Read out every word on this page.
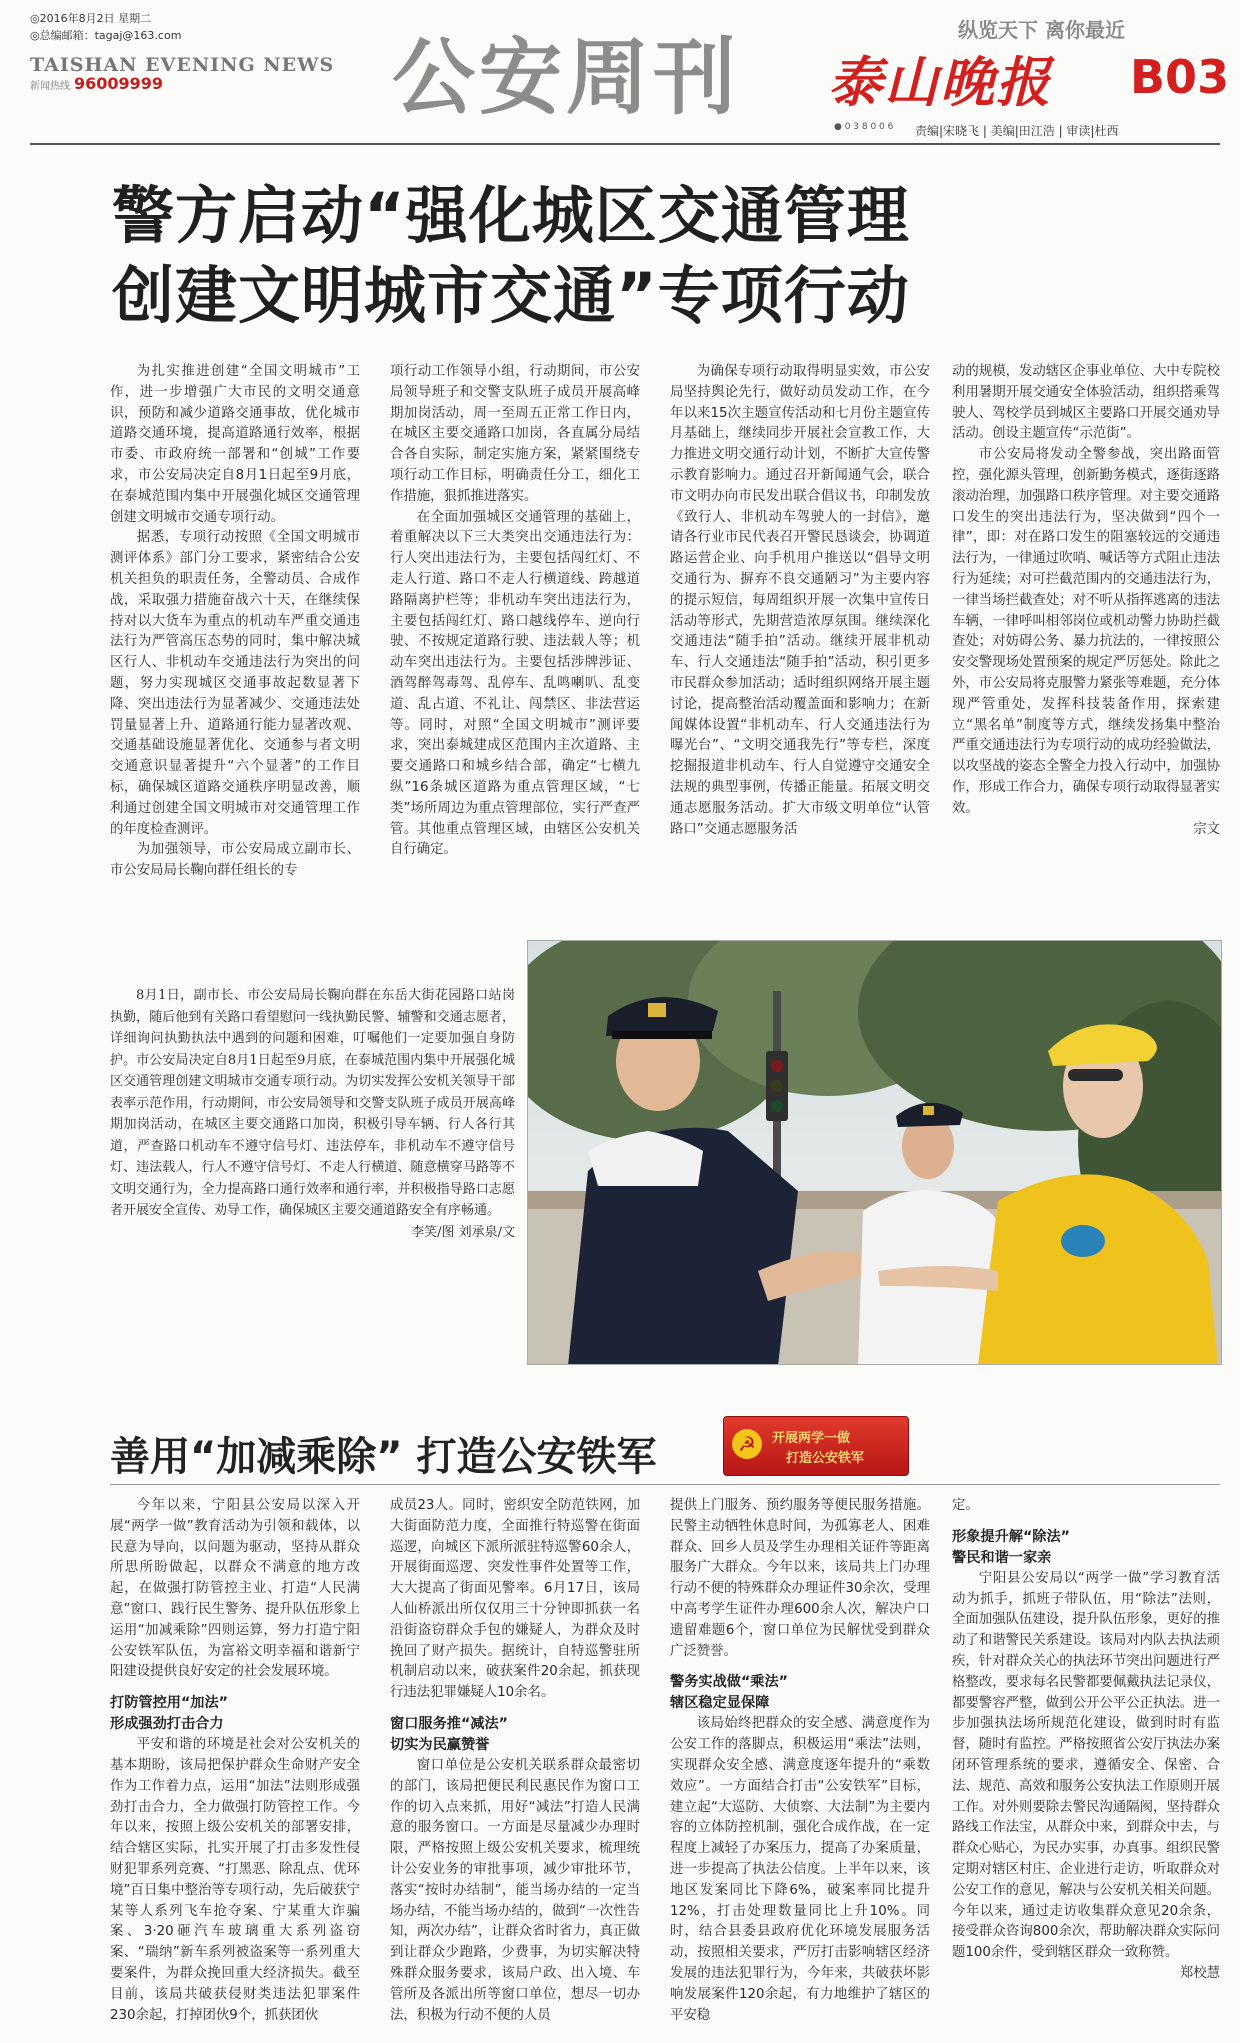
◎2016年8月2日 星期二
◎总编邮箱：tagaj@163.com
TAISHAN EVENING NEWS
新闻热线 96009999	公安周刊	纵览天下 离你最近
泰山晚报
● 0 3 8 0 0 6
B03
责编|宋晓飞 | 美编|田江浩 | 审读|杜西
警方启动“强化城区交通管理
创建文明城市交通”专项行动

为扎实推进创建“全国文明城市”工作，进一步增强广大市民的文明交通意识，预防和减少道路交通事故，优化城市道路交通环境，提高道路通行效率，根据市委、市政府统一部署和“创城”工作要求，市公安局决定自8月1日起至9月底，在泰城范围内集中开展强化城区交通管理创建文明城市交通专项行动。

据悉，专项行动按照《全国文明城市测评体系》部门分工要求，紧密结合公安机关担负的职责任务，全警动员、合成作战，采取强力措施奋战六十天，在继续保持对以大货车为重点的机动车严重交通违法行为严管高压态势的同时，集中解决城区行人、非机动车交通违法行为突出的问题，努力实现城区交通事故起数显著下降、突出违法行为显著减少、交通违法处罚量显著上升、道路通行能力显著改观、交通基础设施显著优化、交通参与者文明交通意识显著提升“六个显著”的工作目标，确保城区道路交通秩序明显改善，顺利通过创建全国文明城市对交通管理工作的年度检查测评。

为加强领导，市公安局成立副市长、市公安局局长鞠向群任组长的专

项行动工作领导小组，行动期间，市公安局领导班子和交警支队班子成员开展高峰期加岗活动，周一至周五正常工作日内，在城区主要交通路口加岗，各直属分局结合各自实际，制定实施方案，紧紧围绕专项行动工作目标，明确责任分工，细化工作措施，狠抓推进落实。

在全面加强城区交通管理的基础上，着重解决以下三大类突出交通违法行为：行人突出违法行为，主要包括闯红灯、不走人行道、路口不走人行横道线、跨越道路隔离护栏等；非机动车突出违法行为，主要包括闯红灯、路口越线停车、逆向行驶、不按规定道路行驶、违法载人等；机动车突出违法行为。主要包括涉牌涉证、酒驾醉驾毒驾、乱停车、乱鸣喇叭、乱变道、乱占道、不礼让、闯禁区、非法营运等。同时，对照“全国文明城市”测评要求，突出泰城建成区范围内主次道路、主要交通路口和城乡结合部，确定“七横九纵”16条城区道路为重点管理区域，“七类”场所周边为重点管理部位，实行严查严管。其他重点管理区域，由辖区公安机关自行确定。

为确保专项行动取得明显实效，市公安局坚持舆论先行，做好动员发动工作，在今年以来15次主题宣传活动和七月份主题宣传月基础上，继续同步开展社会宣教工作，大力推进文明交通行动计划，不断扩大宣传警示教育影响力。通过召开新闻通气会，联合市文明办向市民发出联合倡议书，印制发放《致行人、非机动车驾驶人的一封信》，邀请各行业市民代表召开警民恳谈会，协调道路运营企业、向手机用户推送以“倡导文明交通行为、摒弃不良交通陋习”为主要内容的提示短信，每周组织开展一次集中宣传日活动等形式，先期营造浓厚氛围。继续深化交通违法“随手拍”活动。继续开展非机动车、行人交通违法“随手拍”活动，积引更多市民群众参加活动；适时组织网络开展主题讨论，提高整治活动覆盖面和影响力；在新闻媒体设置“非机动车、行人交通违法行为曝光台”、“文明交通我先行”等专栏，深度挖掘报道非机动车、行人自觉遵守交通安全法规的典型事例，传播正能量。拓展文明交通志愿服务活动。扩大市级文明单位“认管路口”交通志愿服务活

动的规模，发动辖区企事业单位、大中专院校利用暑期开展交通安全体验活动，组织搭乘驾驶人、驾校学员到城区主要路口开展交通劝导活动。创设主题宣传“示范街”。

市公安局将发动全警参战，突出路面管控，强化源头管理，创新勤务模式，逐街逐路滚动治理，加强路口秩序管理。对主要交通路口发生的突出违法行为，坚决做到“四个一律”，即：对在路口发生的阻塞较远的交通违法行为，一律通过吹哨、喊话等方式阻止违法行为延续；对可拦截范围内的交通违法行为，一律当场拦截查处；对不听从指挥逃离的违法车辆，一律呼叫相邻岗位或机动警力协助拦截查处；对妨碍公务、暴力抗法的，一律按照公安交警现场处置预案的规定严厉惩处。除此之外，市公安局将克服警力紧张等难题，充分体现严管重处，发挥科技装备作用，探索建立“黑名单”制度等方式，继续发扬集中整治严重交通违法行为专项行动的成功经验做法，以攻坚战的姿态全警全力投入行动中，加强协作，形成工作合力，确保专项行动取得显著实效。

宗文

8月1日，副市长、市公安局局长鞠向群在东岳大街花园路口站岗执勤，随后他到有关路口看望慰问一线执勤民警、辅警和交通志愿者，详细询问执勤执法中遇到的问题和困难，叮嘱他们一定要加强自身防护。市公安局决定自8月1日起至9月底，在泰城范围内集中开展强化城区交通管理创建文明城市交通专项行动。为切实发挥公安机关领导干部表率示范作用，行动期间，市公安局领导和交警支队班子成员开展高峰期加岗活动，在城区主要交通路口加岗，积极引导车辆、行人各行其道，严查路口机动车不遵守信号灯、违法停车，非机动车不遵守信号灯、违法载人，行人不遵守信号灯、不走人行横道、随意横穿马路等不文明交通行为，全力提高路口通行效率和通行率，并积极指导路口志愿者开展安全宣传、劝导工作，确保城区主要交通道路安全有序畅通。

李笑/图 刘承泉/文

善用“加减乘除” 打造公安铁军	☭	开展两学一做
打造公安铁军

今年以来，宁阳县公安局以深入开展“两学一做”教育活动为引领和载体，以民意为导向，以问题为驱动，坚持从群众所思所盼做起，以群众不满意的地方改起，在做强打防管控主业、打造“人民满意”窗口、践行民生警务、提升队伍形象上运用“加减乘除”四则运算，努力打造宁阳公安铁军队伍，为富裕文明幸福和谐新宁阳建设提供良好安定的社会发展环境。

打防管控用“加法”

形成强劲打击合力

平安和谐的环境是社会对公安机关的基本期盼，该局把保护群众生命财产安全作为工作着力点，运用“加法”法则形成强劲打击合力，全力做强打防管控工作。今年以来，按照上级公安机关的部署安排，结合辖区实际，扎实开展了打击多发性侵财犯罪系列竞赛、“打黑恶、除乱点、优环境”百日集中整治等专项行动，先后破获宁某等人系列飞车抢夺案、宁某重大诈骗案、3·20砸汽车玻璃重大系列盗窃案、“瑞纳”新车系列被盗案等一系列重大要案件，为群众挽回重大经济损失。截至目前，该局共破获侵财类违法犯罪案件230余起，打掉团伙9个，抓获团伙

成员23人。同时，密织安全防范铁网，加大街面防范力度，全面推行特巡警在街面巡逻，向城区下派所派驻特巡警60余人，开展街面巡逻、突发性事件处置等工作，大大提高了街面见警率。6月17日，该局人仙桥派出所仅仅用三十分钟即抓获一名沿街盗窃群众手包的嫌疑人，为群众及时挽回了财产损失。据统计，自特巡警驻所机制启动以来，破获案件20余起，抓获现行违法犯罪嫌疑人10余名。

窗口服务推“减法”

切实为民赢赞誉

窗口单位是公安机关联系群众最密切的部门，该局把便民利民惠民作为窗口工作的切入点来抓，用好“减法”打造人民满意的服务窗口。一方面是尽量减少办理时限，严格按照上级公安机关要求，梳理统计公安业务的审批事项，减少审批环节，落实“按时办结制”，能当场办结的一定当场办结，不能当场办结的，做到“一次性告知，两次办结”，让群众省时省力，真正做到让群众少跑路，少费事，为切实解决特殊群众服务要求，该局户政、出入境、车管所及各派出所等窗口单位，想尽一切办法，积极为行动不便的人员

提供上门服务、预约服务等便民服务措施。民警主动牺牲休息时间，为孤寡老人、困难群众、回乡人员及学生办理相关证件等距离服务广大群众。今年以来，该局共上门办理行动不便的特殊群众办理证件30余次，受理中高考学生证件办理600余人次，解决户口遗留难题6个，窗口单位为民解忧受到群众广泛赞誉。

警务实战做“乘法”

辖区稳定显保障

该局始终把群众的安全感、满意度作为公安工作的落脚点，积极运用“乘法”法则，实现群众安全感、满意度逐年提升的“乘数效应”。一方面结合打击“公安铁军”目标，建立起“大巡防、大侦察、大法制”为主要内容的立体防控机制，强化合成作战，在一定程度上减轻了办案压力，提高了办案质量，进一步提高了执法公信度。上半年以来，该地区发案同比下降6%，破案率同比提升12%，打击处理数量同比上升10%。同时，结合县委县政府优化环境发展服务活动，按照相关要求，严厉打击影响辖区经济发展的违法犯罪行为，今年来，共破获坏影响发展案件120余起，有力地维护了辖区的平安稳

定。

形象提升解“除法”

警民和谐一家亲

宁阳县公安局以“两学一做”学习教育活动为抓手，抓班子带队伍，用“除法”法则，全面加强队伍建设，提升队伍形象，更好的推动了和谐警民关系建设。该局对内队去执法顽疾，针对群众关心的执法环节突出问题进行严格整改，要求每名民警都要佩戴执法记录仪，都要警容严整，做到公开公平公正执法。进一步加强执法场所规范化建设，做到时时有监督，随时有监控。严格按照省公安厅执法办案闭环管理系统的要求，遵循安全、保密、合法、规范、高效和服务公安执法工作原则开展工作。对外则要除去警民沟通隔阂，坚持群众路线工作法宝，从群众中来，到群众中去，与群众心贴心，为民办实事，办真事。组织民警定期对辖区村庄、企业进行走访，听取群众对公安工作的意见，解决与公安机关相关问题。今年以来，通过走访收集群众意见20余条，接受群众咨询800余次，帮助解决群众实际问题100余件，受到辖区群众一致称赞。

郑校慧
